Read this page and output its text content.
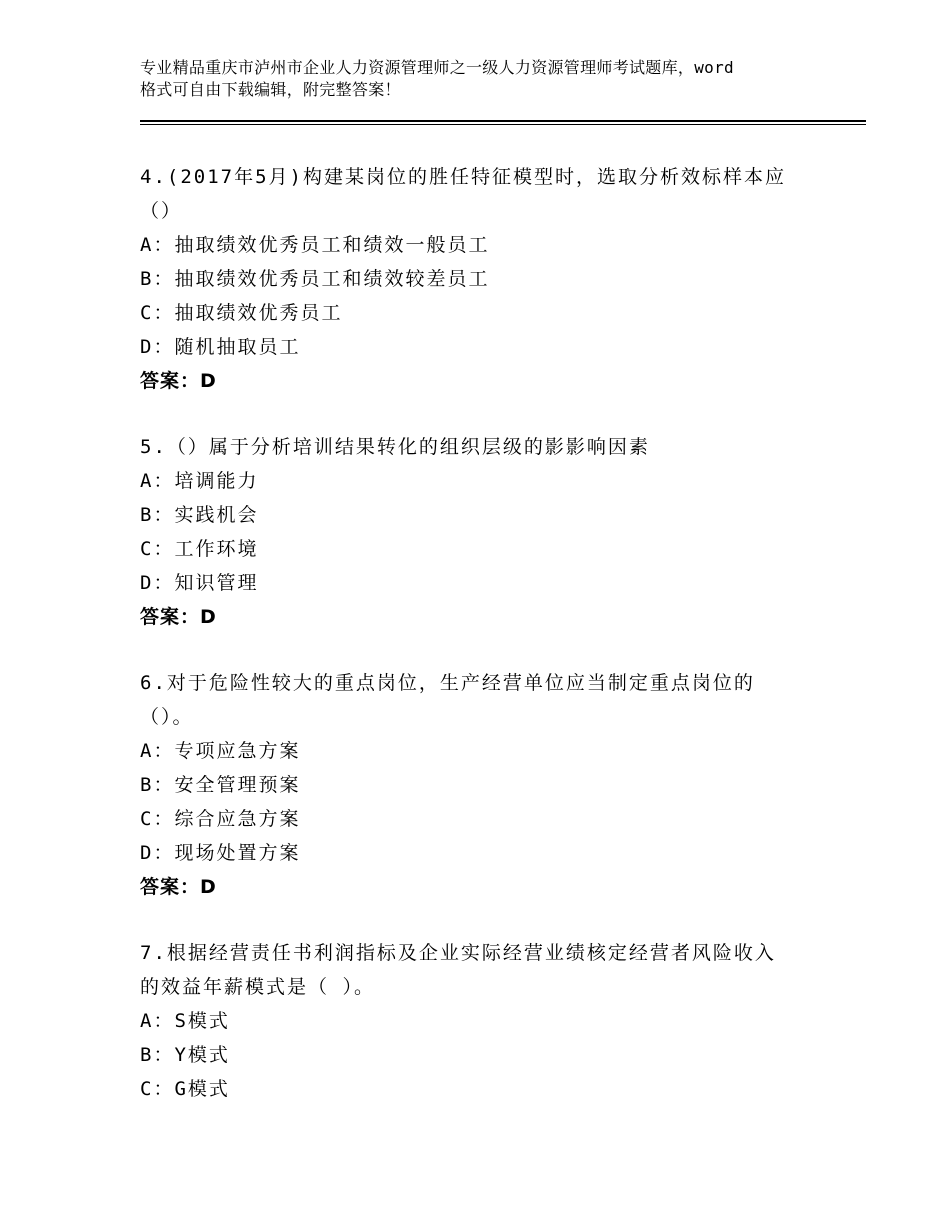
专业精品重庆市泸州市企业人力资源管理师之一级人力资源管理师考试题库，word
格式可自由下载编辑，附完整答案！

4.(2017年5月)构建某岗位的胜任特征模型时，选取分析效标样本应

（）

A：抽取绩效优秀员工和绩效一般员工

B：抽取绩效优秀员工和绩效较差员工

C：抽取绩效优秀员工

D：随机抽取员工

答案：D

5.（）属于分析培训结果转化的组织层级的影影响因素

A：培调能力

B：实践机会

C：工作环境

D：知识管理

答案：D

6.对于危险性较大的重点岗位，生产经营单位应当制定重点岗位的

（）。

A：专项应急方案

B：安全管理预案

C：综合应急方案

D：现场处置方案

答案：D

7.根据经营责任书利润指标及企业实际经营业绩核定经营者风险收入

的效益年薪模式是（ ）。

A：S模式

B：Y模式

C：G模式
